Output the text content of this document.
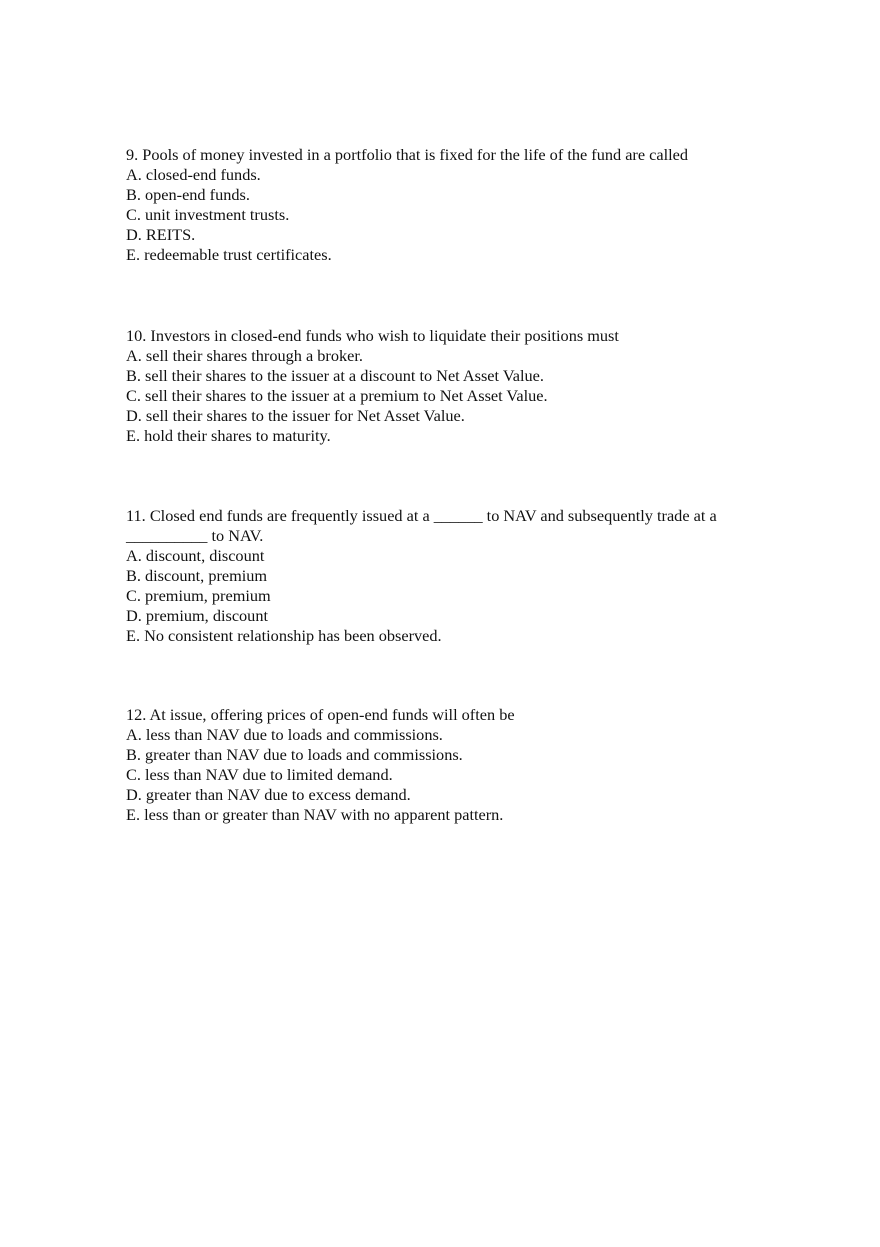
9. Pools of money invested in a portfolio that is fixed for the life of the fund are called

A. closed-end funds.

B. open-end funds.

C. unit investment trusts.

D. REITS.

E. redeemable trust certificates.

10. Investors in closed-end funds who wish to liquidate their positions must

A. sell their shares through a broker.

B. sell their shares to the issuer at a discount to Net Asset Value.

C. sell their shares to the issuer at a premium to Net Asset Value.

D. sell their shares to the issuer for Net Asset Value.

E. hold their shares to maturity.

11. Closed end funds are frequently issued at a ______ to NAV and subsequently trade at a __________ to NAV.

A. discount, discount

B. discount, premium

C. premium, premium

D. premium, discount

E. No consistent relationship has been observed.

12. At issue, offering prices of open-end funds will often be

A. less than NAV due to loads and commissions.

B. greater than NAV due to loads and commissions.

C. less than NAV due to limited demand.

D. greater than NAV due to excess demand.

E. less than or greater than NAV with no apparent pattern.
